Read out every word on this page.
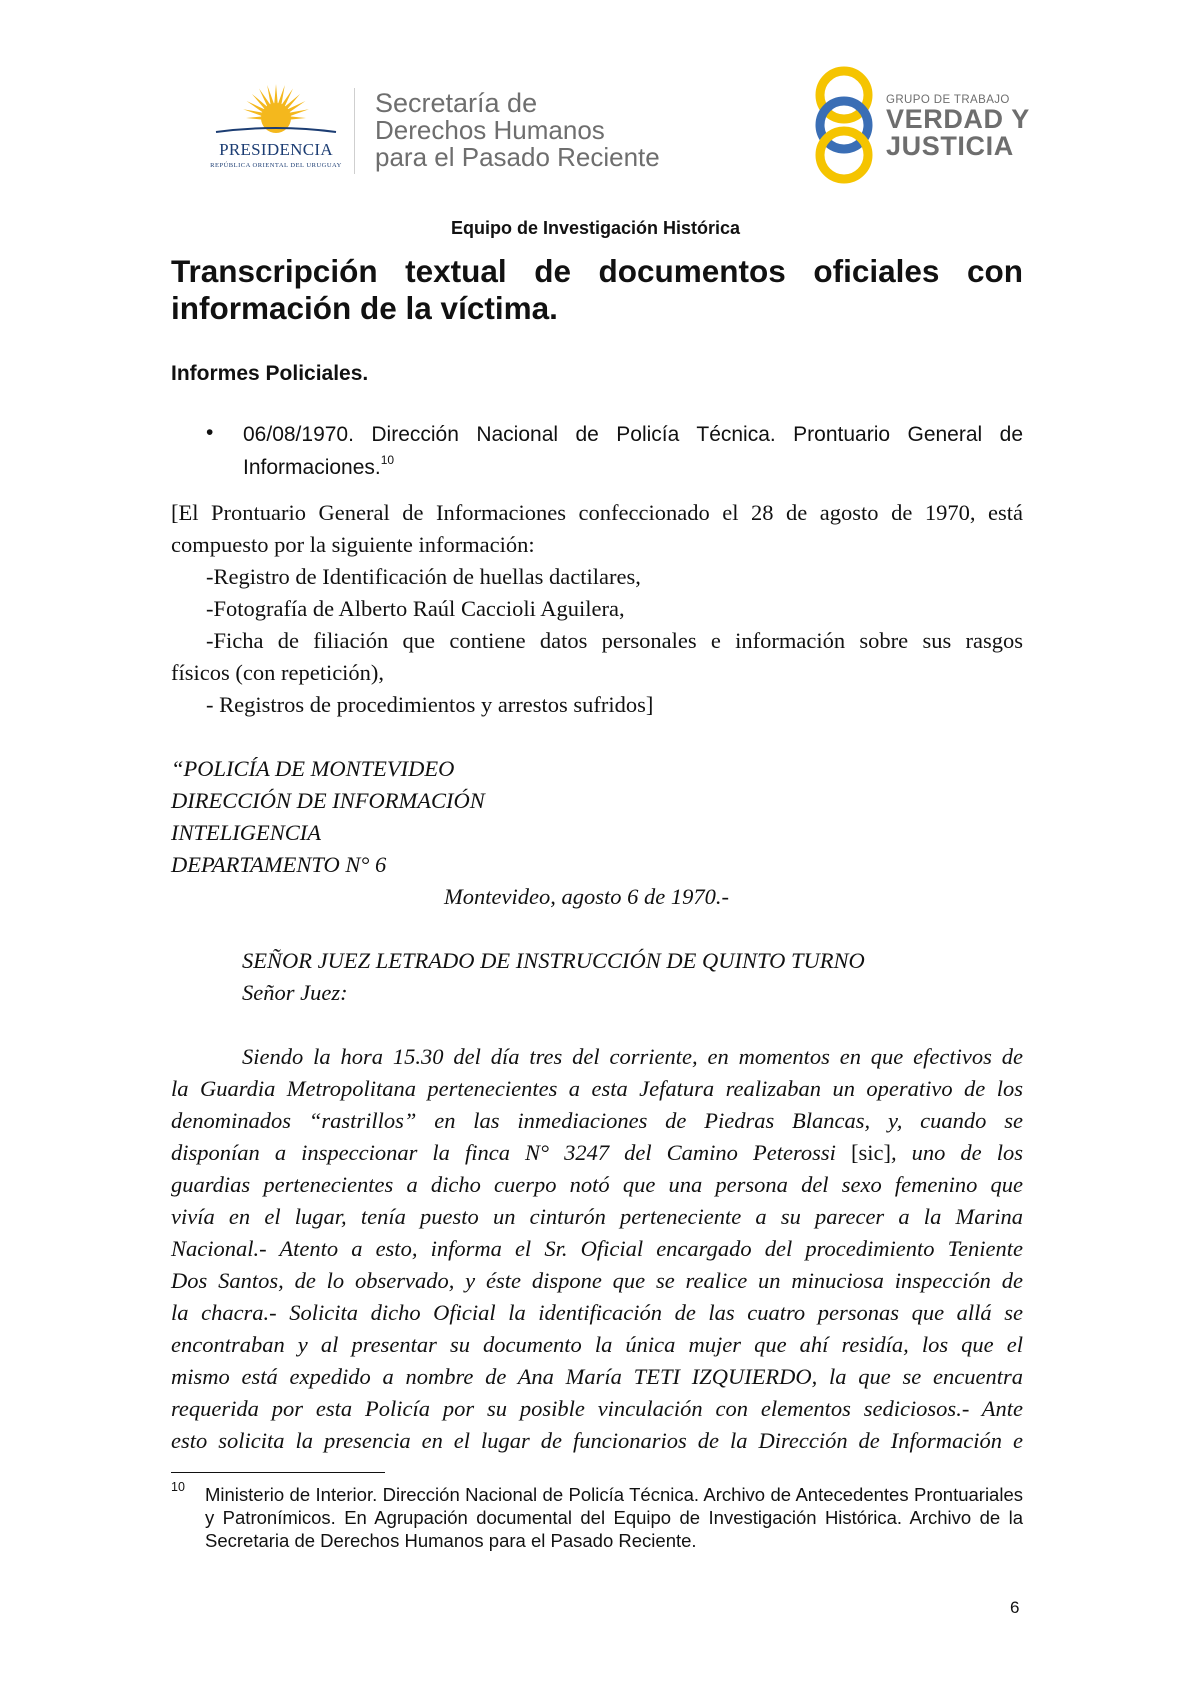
PRESIDENCIA
REPÚBLICA ORIENTAL DEL URUGUAY
Secretaría de
Derechos Humanos
para el Pasado Reciente
GRUPO DE TRABAJO
VERDAD Y
JUSTICIA
Equipo de Investigación Histórica
Transcripción textual de documentos oficiales con información de la víctima.
Informes Policiales.
• 06/08/1970. Dirección Nacional de Policía Técnica. Prontuario General de Informaciones.$^{10}$
[El Prontuario General de Informaciones confeccionado el 28 de agosto de 1970, está
compuesto por la siguiente información:
-Registro de Identificación de huellas dactilares,
-Fotografía de Alberto Raúl Caccioli Aguilera,
-Ficha de filiación que contiene datos personales e información sobre sus rasgos
físicos (con repetición),
- Registros de procedimientos y arrestos sufridos]
“POLICÍA DE MONTEVIDEO
DIRECCIÓN DE INFORMACIÓN
INTELIGENCIA
DEPARTAMENTO N° 6
Montevideo, agosto 6 de 1970.-
SEÑOR JUEZ LETRADO DE INSTRUCCIÓN DE QUINTO TURNO
Señor Juez:
Siendo la hora 15.30 del día tres del corriente, en momentos en que efectivos de
la Guardia Metropolitana pertenecientes a esta Jefatura realizaban un operativo de los
denominados “rastrillos” en las inmediaciones de Piedras Blancas, y, cuando se
disponían a inspeccionar la finca N° 3247 del Camino Peterossi [sic], uno de los
guardias pertenecientes a dicho cuerpo notó que una persona del sexo femenino que
vivía en el lugar, tenía puesto un cinturón perteneciente a su parecer a la Marina
Nacional.- Atento a esto, informa el Sr. Oficial encargado del procedimiento Teniente
Dos Santos, de lo observado, y éste dispone que se realice un minuciosa inspección de
la chacra.- Solicita dicho Oficial la identificación de las cuatro personas que allá se
encontraban y al presentar su documento la única mujer que ahí residía, los que el
mismo está expedido a nombre de Ana María TETI IZQUIERDO, la que se encuentra
requerida por esta Policía por su posible vinculación con elementos sediciosos.- Ante
esto solicita la presencia en el lugar de funcionarios de la Dirección de Información e
10 Ministerio de Interior. Dirección Nacional de Policía Técnica. Archivo de Antecedentes Prontuariales y Patronímicos. En Agrupación documental del Equipo de Investigación Histórica. Archivo de la Secretaria de Derechos Humanos para el Pasado Reciente.
6
